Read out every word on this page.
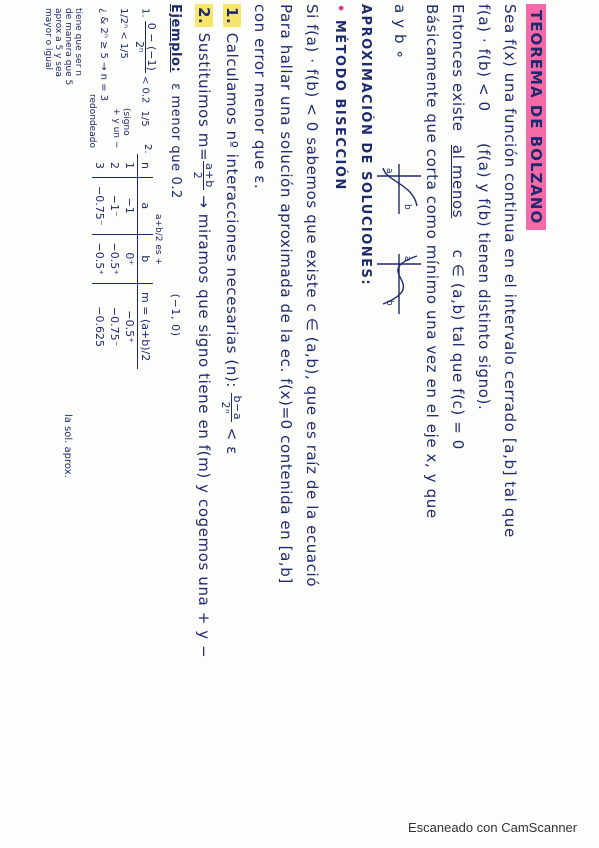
TEOREMA DE BOLZANO
Sea f(x) una función continua en el intervalo cerrado [a,b] tal que
f(a) · f(b) < 0 (f(a) y f(b) tienen distinto signo).
Entonces existe al menos c ∈ (a,b) tal que f(c) = 0
Básicamente que corta como mínimo una vez en el eje x, y que
a y b ∘
a
b
a
b
APROXIMACIÓN DE SOLUCIONES:
• MÉTODO BISECCIÓN
Si f(a) · f(b) < 0 sabemos que existe c ∈ (a,b), que es raíz de la ecuació
Para hallar una solución aproximada de la ec. f(x)=0 contenida en [a,b]
con error menor que ε.
1. Calculamos nº interacciones necesarias (n):
b−a
2ⁿ
< ε
2. Sustituimos m=
a+b
2
→ miramos que signo tiene en f(m) y cogemos una + y −
Ejemplo: ε menor que 0.2 (−1, 0)
1.
0 − (−1)
2ⁿ
< 0.2 1/5
2.
a+b/2 es +
1/2ⁿ < 1/5
¿ & 2ⁿ ≥ 5 → n = 3
redondeado
tiene que ser n
de manera que 5
aprox a 5 y sea
mayor o igual
(signo
+ y un −
n	a	b	m = (a+b)/2
1	−1	0⁺	−0.5⁺
2	−1⁻	−0.5⁺	−0.75⁻
3	−0.75⁻	−0.5⁺	−0.625
la sol. aprox.
Escaneado con CamScanner
